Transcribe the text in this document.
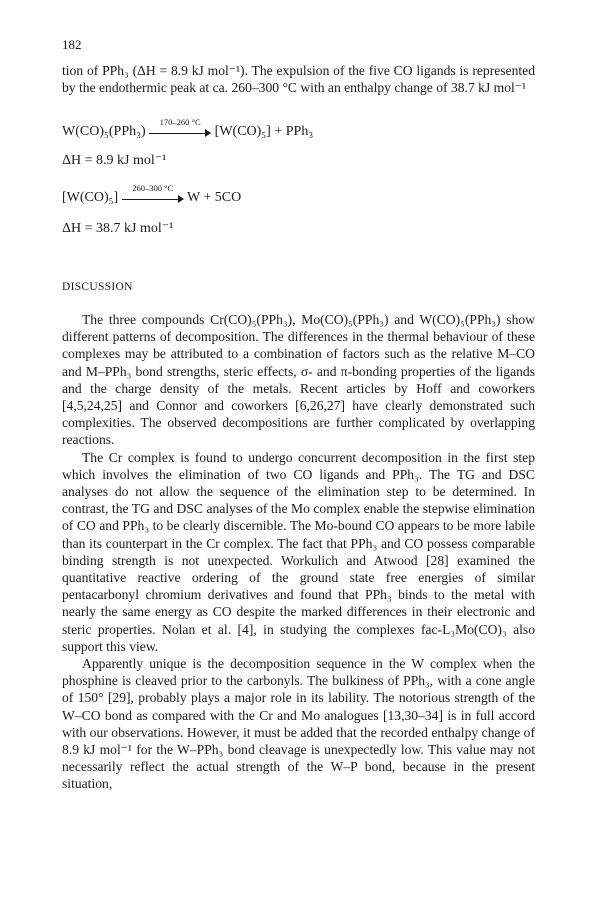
182

tion of PPh₃ (ΔH = 8.9 kJ mol⁻¹). The expulsion of the five CO ligands is represented by the endothermic peak at ca. 260–300 °C with an enthalpy change of 38.7 kJ mol⁻¹

W(CO)₅(PPh₃)
170–260 °C
[W(CO)₅] + PPh₃
ΔH = 8.9 kJ mol⁻¹
[W(CO)₅]
260–300 °C
W + 5CO
ΔH = 38.7 kJ mol⁻¹
DISCUSSION

The three compounds Cr(CO)₅(PPh₃), Mo(CO)₅(PPh₃) and W(CO)₅(PPh₃) show different patterns of decomposition. The differences in the thermal behaviour of these complexes may be attributed to a combination of factors such as the relative M–CO and M–PPh₃ bond strengths, steric effects, σ- and π-bonding properties of the ligands and the charge density of the metals. Recent articles by Hoff and coworkers [4,5,24,25] and Connor and coworkers [6,26,27] have clearly demonstrated such complexities. The observed decompositions are further complicated by overlapping reactions.

The Cr complex is found to undergo concurrent decomposition in the first step which involves the elimination of two CO ligands and PPh₃. The TG and DSC analyses do not allow the sequence of the elimination step to be determined. In contrast, the TG and DSC analyses of the Mo complex enable the stepwise elimination of CO and PPh₃ to be clearly discernible. The Mo-bound CO appears to be more labile than its counterpart in the Cr complex. The fact that PPh₃ and CO possess comparable binding strength is not unexpected. Workulich and Atwood [28] examined the quantitative reactive ordering of the ground state free energies of similar pentacarbonyl chromium derivatives and found that PPh₃ binds to the metal with nearly the same energy as CO despite the marked differences in their electronic and steric properties. Nolan et al. [4], in studying the complexes fac-L₃Mo(CO)₃ also support this view.

Apparently unique is the decomposition sequence in the W complex when the phosphine is cleaved prior to the carbonyls. The bulkiness of PPh₃, with a cone angle of 150° [29], probably plays a major role in its lability. The notorious strength of the W–CO bond as compared with the Cr and Mo analogues [13,30–34] is in full accord with our observations. However, it must be added that the recorded enthalpy change of 8.9 kJ mol⁻¹ for the W–PPh₃ bond cleavage is unexpectedly low. This value may not necessarily reflect the actual strength of the W–P bond, because in the present situation,
